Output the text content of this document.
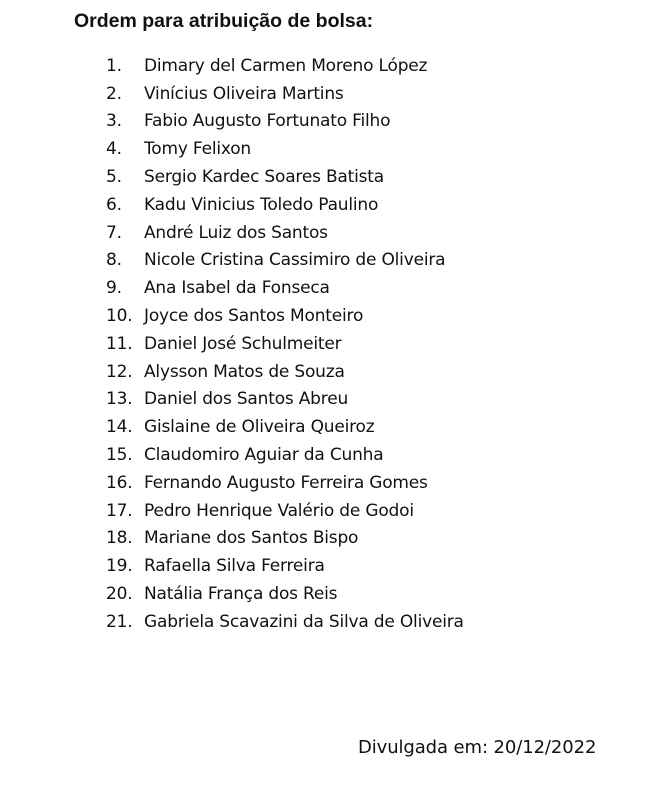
Ordem para atribuição de bolsa:
1.	Dimary del Carmen Moreno López
2.	Vinícius Oliveira Martins
3.	Fabio Augusto Fortunato Filho
4.	Tomy Felixon
5.	Sergio Kardec Soares Batista
6.	Kadu Vinicius Toledo Paulino
7.	André Luiz dos Santos
8.	Nicole Cristina Cassimiro de Oliveira
9.	Ana Isabel da Fonseca
10. Joyce dos Santos Monteiro
11. Daniel José Schulmeiter
12. Alysson Matos de Souza
13. Daniel dos Santos Abreu
14. Gislaine de Oliveira Queiroz
15. Claudomiro Aguiar da Cunha
16. Fernando Augusto Ferreira Gomes
17. Pedro Henrique Valério de Godoi
18. Mariane dos Santos Bispo
19. Rafaella Silva Ferreira
20. Natália França dos Reis
21. Gabriela Scavazini da Silva de Oliveira
Divulgada em: 20/12/2022
